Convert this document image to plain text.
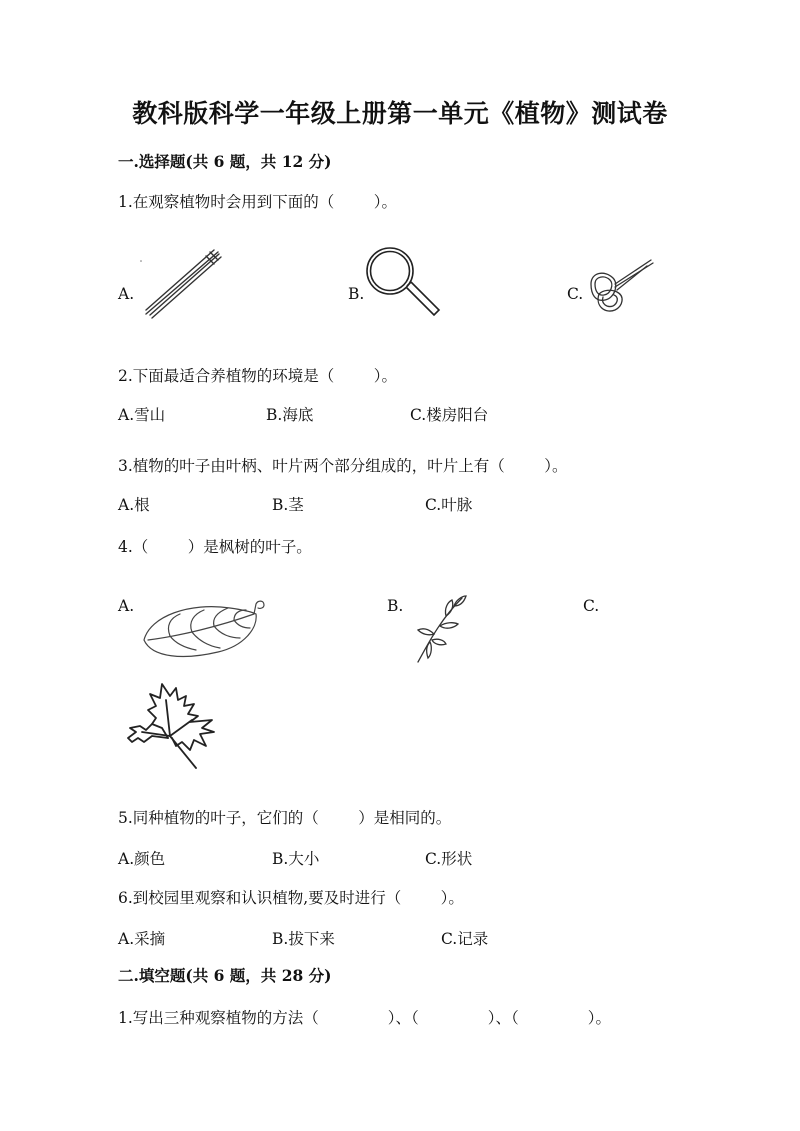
教科版科学一年级上册第一单元《植物》测试卷
一.选择题(共 6 题，共 12 分)
1.在观察植物时会用到下面的（        ）。
A.	B.	C.
2.下面最适合养植物的环境是（        ）。
A.雪山	B.海底	C.楼房阳台
3.植物的叶子由叶柄、叶片两个部分组成的，叶片上有（        ）。
A.根	B.茎	C.叶脉
4.（        ）是枫树的叶子。
A.	B.	C.
5.同种植物的叶子，它们的（        ）是相同的。
A.颜色	B.大小	C.形状
6.到校园里观察和认识植物,要及时进行（        ）。
A.采摘	B.拔下来	C.记录
二.填空题(共 6 题，共 28 分)
1.写出三种观察植物的方法（              ）、（              ）、（              ）。
